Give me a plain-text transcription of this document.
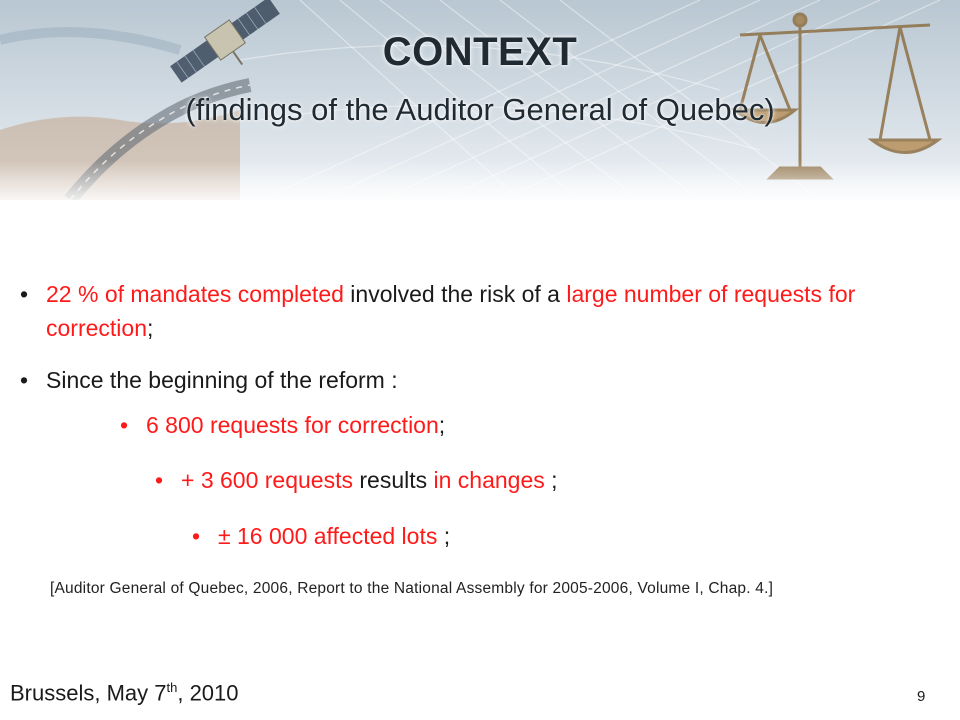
CONTEXT
(findings of the Auditor General of Quebec)
• 22 % of mandates completed involved the risk of a large number of requests for correction;
• Since the beginning of the reform :
• 6 800 requests for correction;
• + 3 600 requests results in changes ;
• ± 16 000 affected lots ;
[Auditor General of Quebec, 2006, Report to the National Assembly for 2005-2006, Volume I, Chap. 4.]
Brussels, May 7th, 2010	9
